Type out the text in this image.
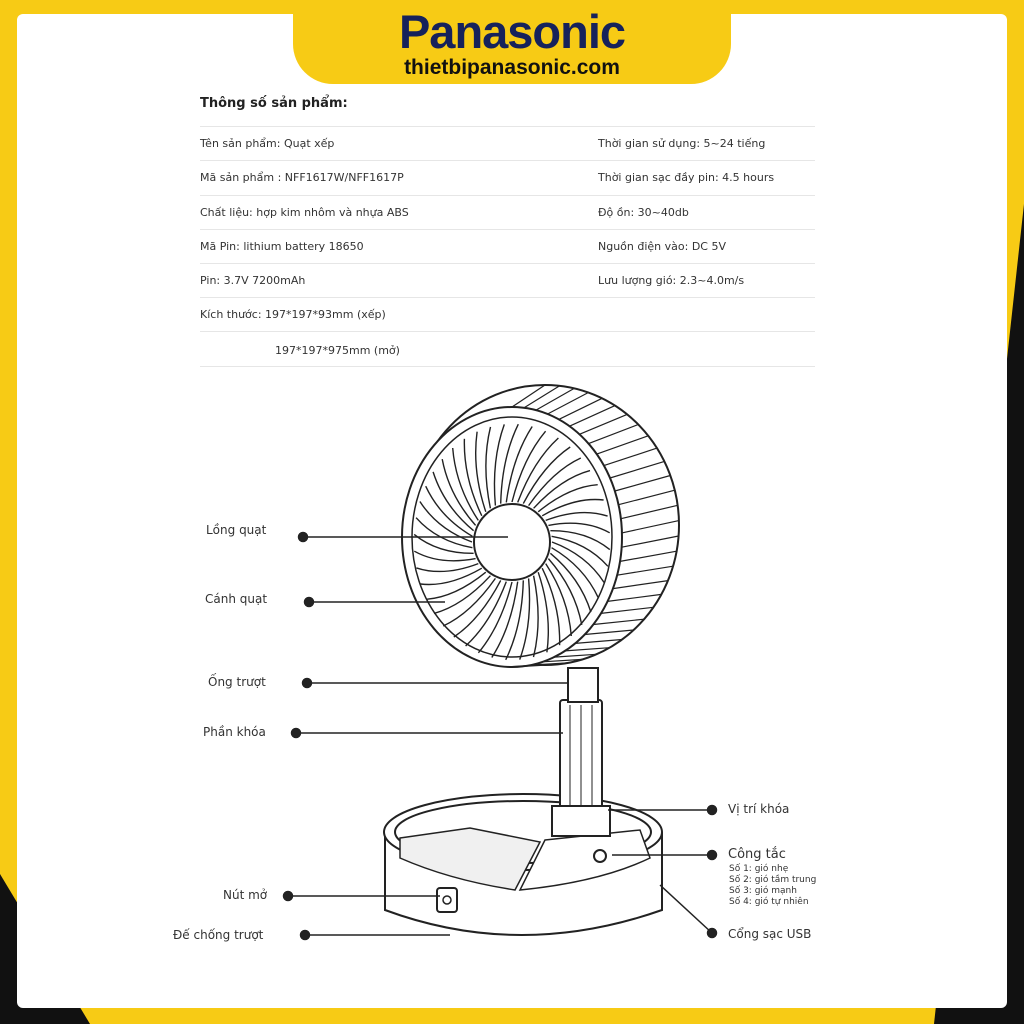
Panasonic
thietbipanasonic.com
Thông số sản phẩm:
Tên sản phẩm: Quạt xếp
Mã sản phẩm : NFF1617W/NFF1617P
Chất liệu: hợp kim nhôm và nhựa ABS
Mã Pin: lithium battery 18650
Pin: 3.7V 7200mAh
Kích thước: 197*197*93mm (xếp)
197*197*975mm (mở)
Thời gian sử dụng: 5~24 tiếng
Thời gian sạc đầy pin: 4.5 hours
Độ ồn: 30~40db
Nguồn điện vào: DC 5V
Lưu lượng gió: 2.3~4.0m/s
Lồng quạt
Cánh quạt
Ống trượt
Phần khóa
Nút mở
Đế chống trượt
Vị trí khóa
Công tắc
Số 1: gió nhẹ
Số 2: gió tầm trung
Số 3: gió mạnh
Số 4: gió tự nhiên
Cổng sạc USB
